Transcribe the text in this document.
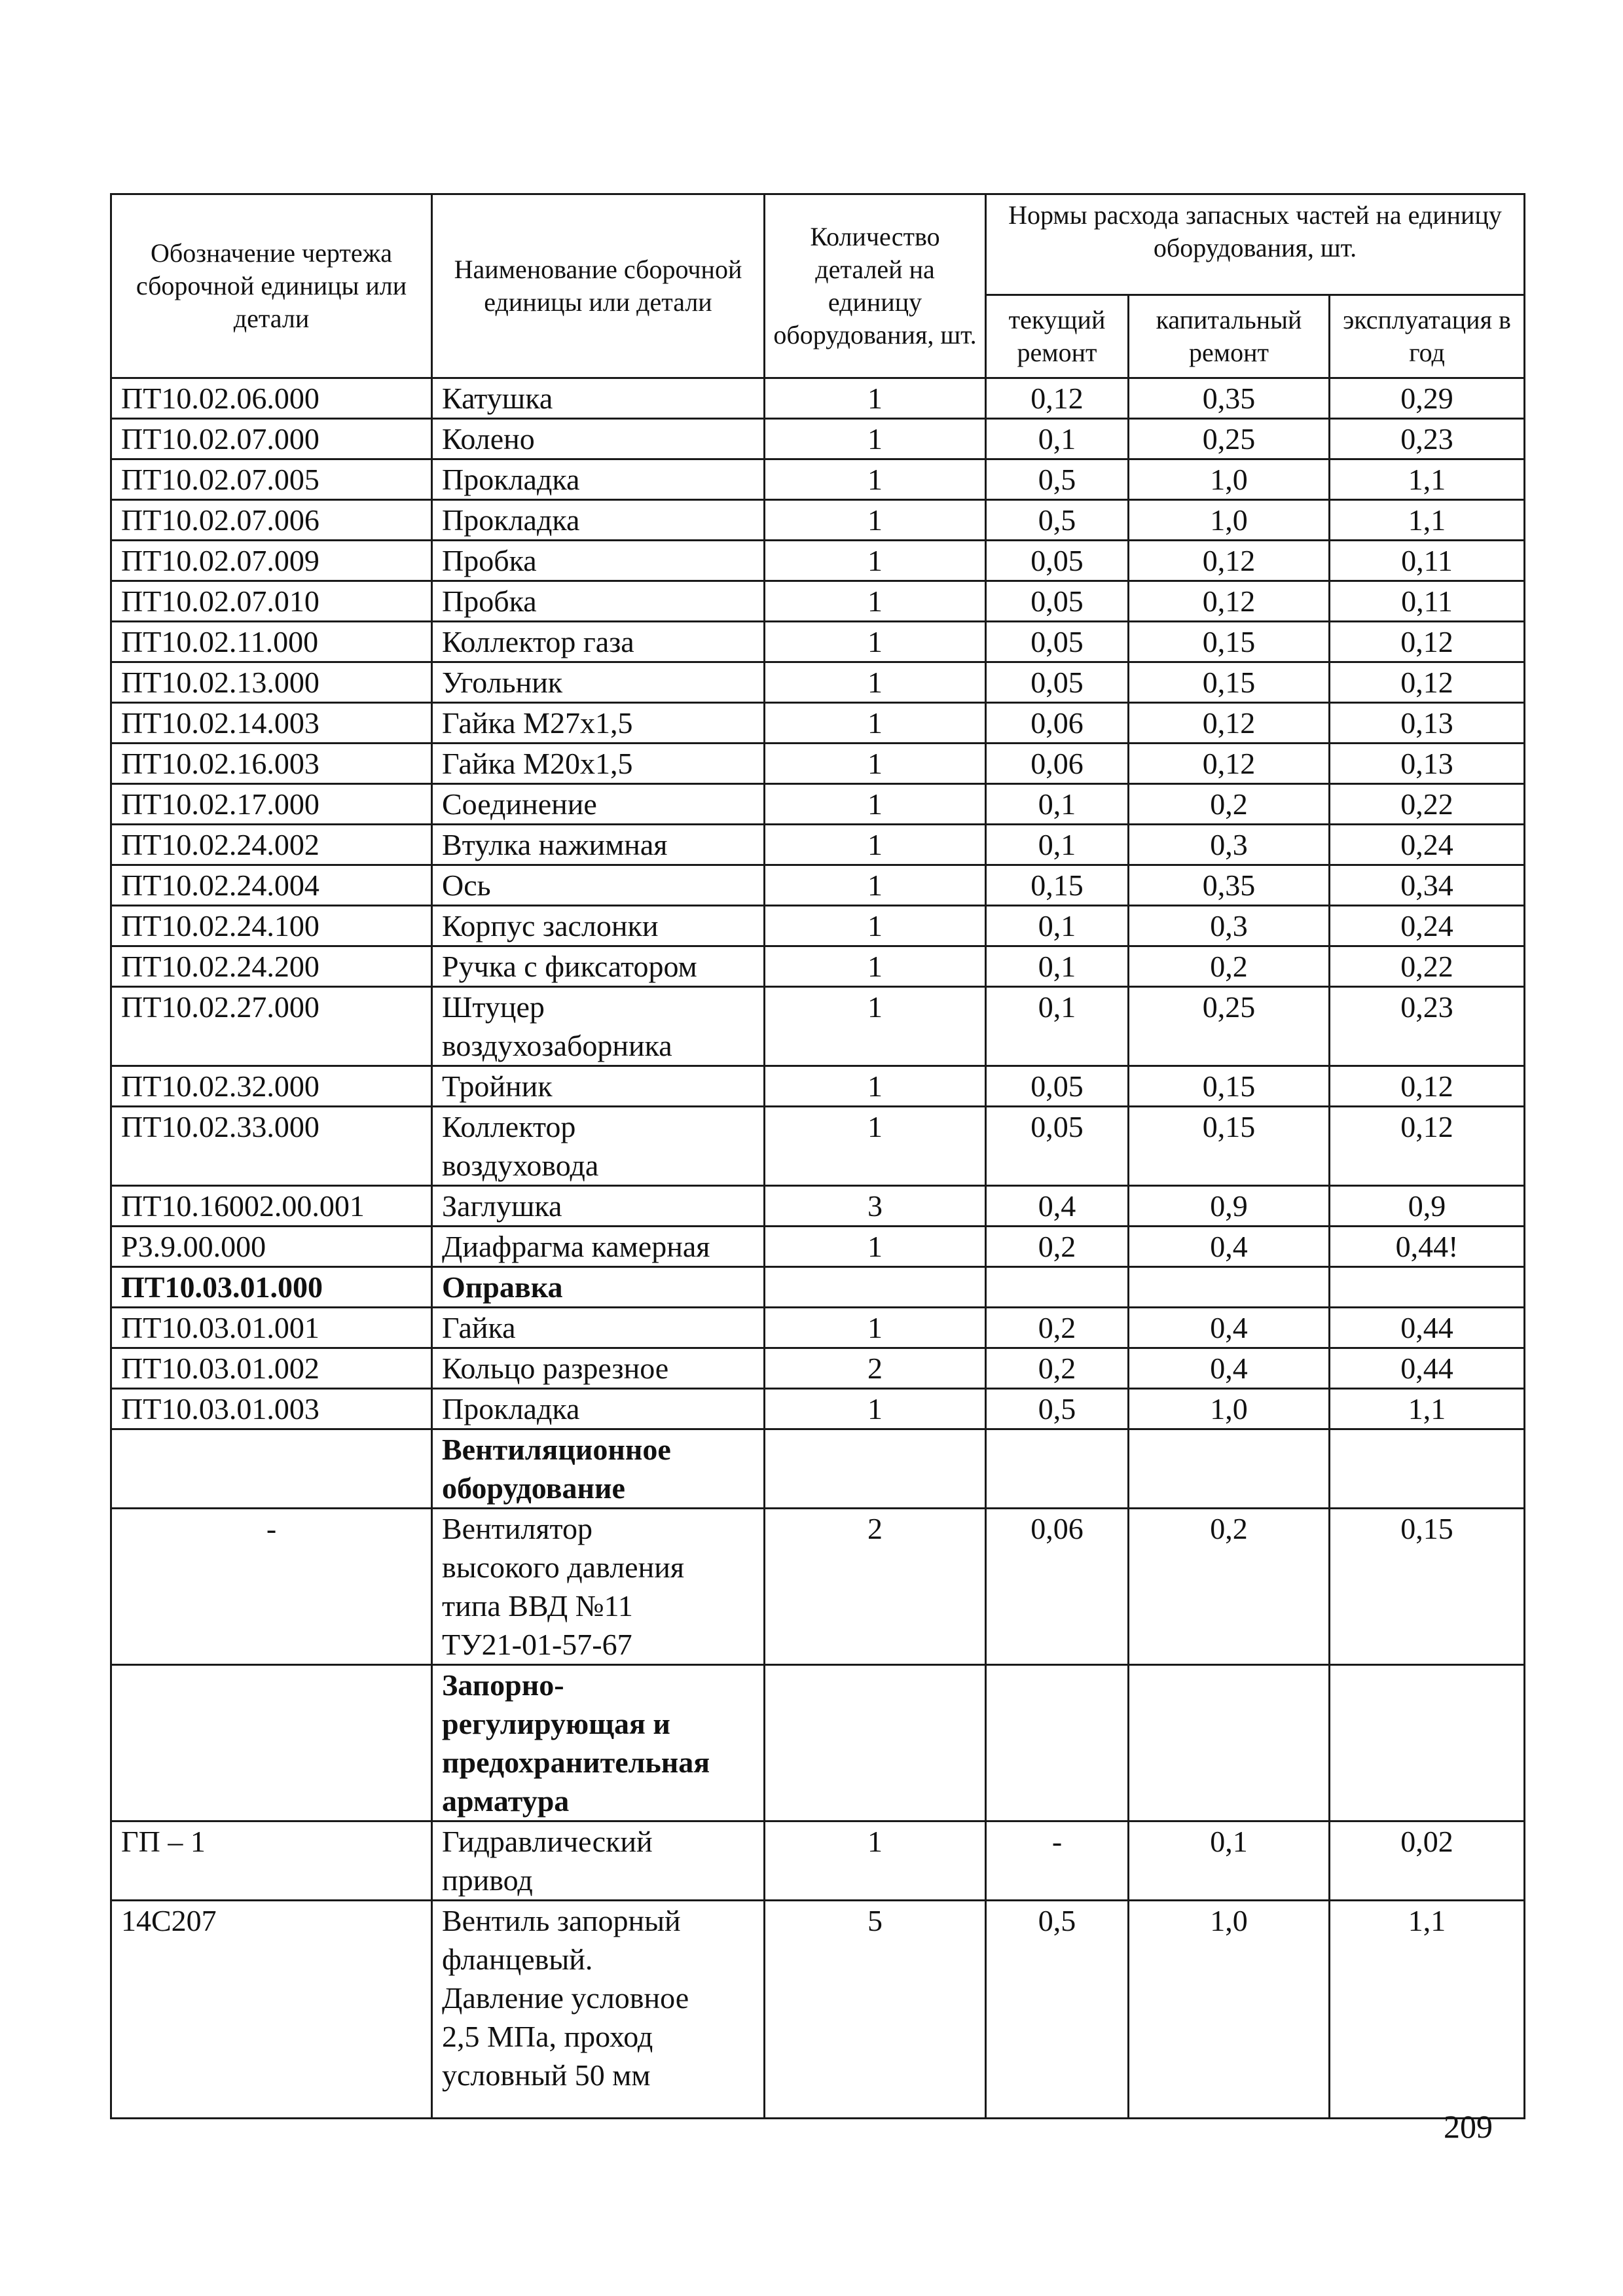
Обозначение чертежа сборочной единицы или детали	Наименование сборочной единицы или детали	Количество деталей на единицу оборудования, шт.	Нормы расхода запасных частей на единицу оборудования, шт.		
			текущий ремонт	капитальный ремонт	эксплуатация в год
ПТ10.02.06.000	Катушка	1	0,12	0,35	0,29
ПТ10.02.07.000	Колено	1	0,1	0,25	0,23
ПТ10.02.07.005	Прокладка	1	0,5	1,0	1,1
ПТ10.02.07.006	Прокладка	1	0,5	1,0	1,1
ПТ10.02.07.009	Пробка	1	0,05	0,12	0,11
ПТ10.02.07.010	Пробка	1	0,05	0,12	0,11
ПТ10.02.11.000	Коллектор газа	1	0,05	0,15	0,12
ПТ10.02.13.000	Угольник	1	0,05	0,15	0,12
ПТ10.02.14.003	Гайка М27х1,5	1	0,06	0,12	0,13
ПТ10.02.16.003	Гайка М20х1,5	1	0,06	0,12	0,13
ПТ10.02.17.000	Соединение	1	0,1	0,2	0,22
ПТ10.02.24.002	Втулка нажимная	1	0,1	0,3	0,24
ПТ10.02.24.004	Ось	1	0,15	0,35	0,34
ПТ10.02.24.100	Корпус заслонки	1	0,1	0,3	0,24
ПТ10.02.24.200	Ручка с фиксатором	1	0,1	0,2	0,22
ПТ10.02.27.000	Штуцер
воздухозаборника	1	0,1	0,25	0,23
ПТ10.02.32.000	Тройник	1	0,05	0,15	0,12
ПТ10.02.33.000	Коллектор
воздуховода	1	0,05	0,15	0,12
ПТ10.16002.00.001	Заглушка	3	0,4	0,9	0,9
Р3.9.00.000	Диафрагма камерная	1	0,2	0,4	0,44!
ПТ10.03.01.000	Оправка				
ПТ10.03.01.001	Гайка	1	0,2	0,4	0,44
ПТ10.03.01.002	Кольцо разрезное	2	0,2	0,4	0,44
ПТ10.03.01.003	Прокладка	1	0,5	1,0	1,1
	Вентиляционное
оборудование				
-	Вентилятор
высокого давления
типа ВВД №11
ТУ21-01-57-67	2	0,06	0,2	0,15
	Запорно-
регулирующая и
предохранительная
арматура				
ГП – 1	Гидравлический
привод	1	-	0,1	0,02
14С207	Вентиль запорный
фланцевый.
Давление условное
2,5 МПа, проход
условный 50 мм	5	0,5	1,0	1,1
209
